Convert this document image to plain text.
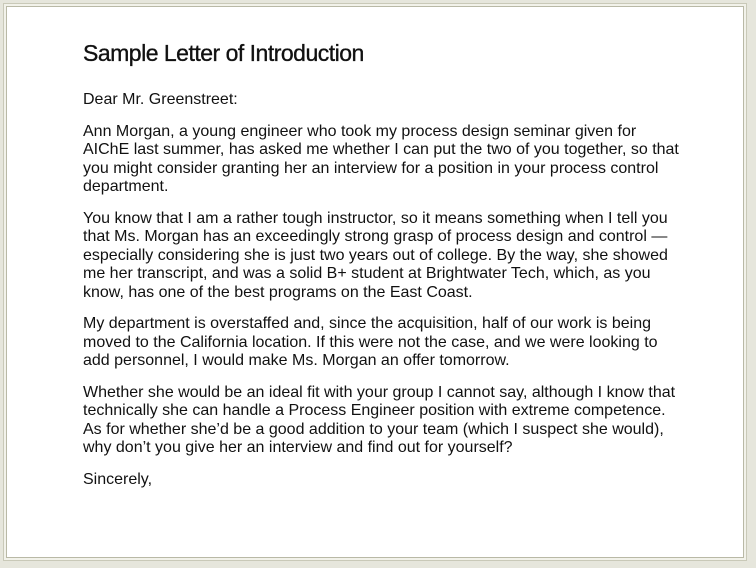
Sample Letter of Introduction

Dear Mr. Greenstreet:

Ann Morgan, a young engineer who took my process design seminar given for AIChE last summer, has asked me whether I can put the two of you together, so that you might consider granting her an interview for a position in your process control department.

You know that I am a rather tough instructor, so it means something when I tell you that Ms. Morgan has an exceedingly strong grasp of process design and control — especially considering she is just two years out of college. By the way, she showed me her transcript, and was a solid B+ student at Brightwater Tech, which, as you know, has one of the best programs on the East Coast.

My department is overstaffed and, since the acquisition, half of our work is being moved to the California location. If this were not the case, and we were looking to add personnel, I would make Ms. Morgan an offer tomorrow.

Whether she would be an ideal fit with your group I cannot say, although I know that technically she can handle a Process Engineer position with extreme competence. As for whether she’d be a good addition to your team (which I suspect she would), why don’t you give her an interview and find out for yourself?

Sincerely,
